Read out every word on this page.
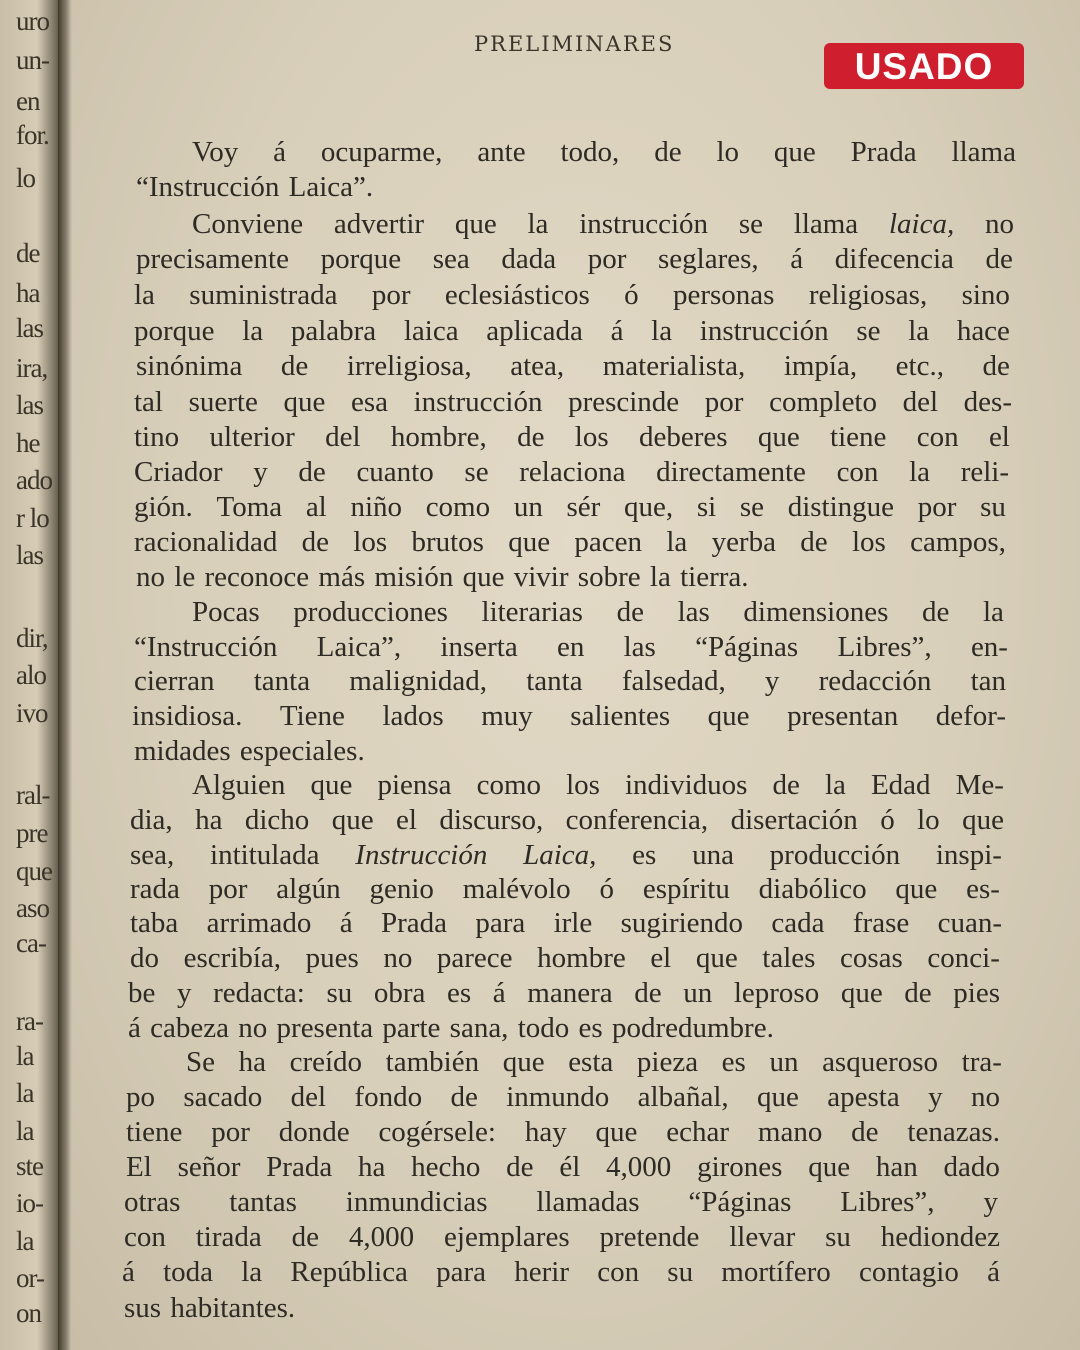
uro
un-
en
for.
lo
de
ha
las
ira,
las
he
ado
r lo
las
dir,
alo
ivo
ral-
pre
que
aso
ca-
ra-
la
la
la
ste
io-
la
or-
on
PRELIMINARES
USADO
Voy á ocuparme, ante todo, de lo que Prada llama
“Instrucción Laica”.
Conviene advertir que la instrucción se llama laica, no
precisamente porque sea dada por seglares, á difecencia de
la suministrada por eclesiásticos ó personas religiosas, sino
porque la palabra laica aplicada á la instrucción se la hace
sinónima de irreligiosa, atea, materialista, impía, etc., de
tal suerte que esa instrucción prescinde por completo del des-
tino ulterior del hombre, de los deberes que tiene con el
Criador y de cuanto se relaciona directamente con la reli-
gión. Toma al niño como un sér que, si se distingue por su
racionalidad de los brutos que pacen la yerba de los campos,
no le reconoce más misión que vivir sobre la tierra.
Pocas producciones literarias de las dimensiones de la
“Instrucción Laica”, inserta en las “Páginas Libres”, en-
cierran tanta malignidad, tanta falsedad, y redacción tan
insidiosa. Tiene lados muy salientes que presentan defor-
midades especiales.
Alguien que piensa como los individuos de la Edad Me-
dia, ha dicho que el discurso, conferencia, disertación ó lo que
sea, intitulada Instrucción Laica, es una producción inspi-
rada por algún genio malévolo ó espíritu diabólico que es-
taba arrimado á Prada para irle sugiriendo cada frase cuan-
do escribía, pues no parece hombre el que tales cosas conci-
be y redacta: su obra es á manera de un leproso que de pies
á cabeza no presenta parte sana, todo es podredumbre.
Se ha creído también que esta pieza es un asqueroso tra-
po sacado del fondo de inmundo albañal, que apesta y no
tiene por donde cogérsele: hay que echar mano de tenazas.
El señor Prada ha hecho de él 4,000 girones que han dado
otras tantas inmundicias llamadas “Páginas Libres”, y
con tirada de 4,000 ejemplares pretende llevar su hediondez
á toda la República para herir con su mortífero contagio á
sus habitantes.
